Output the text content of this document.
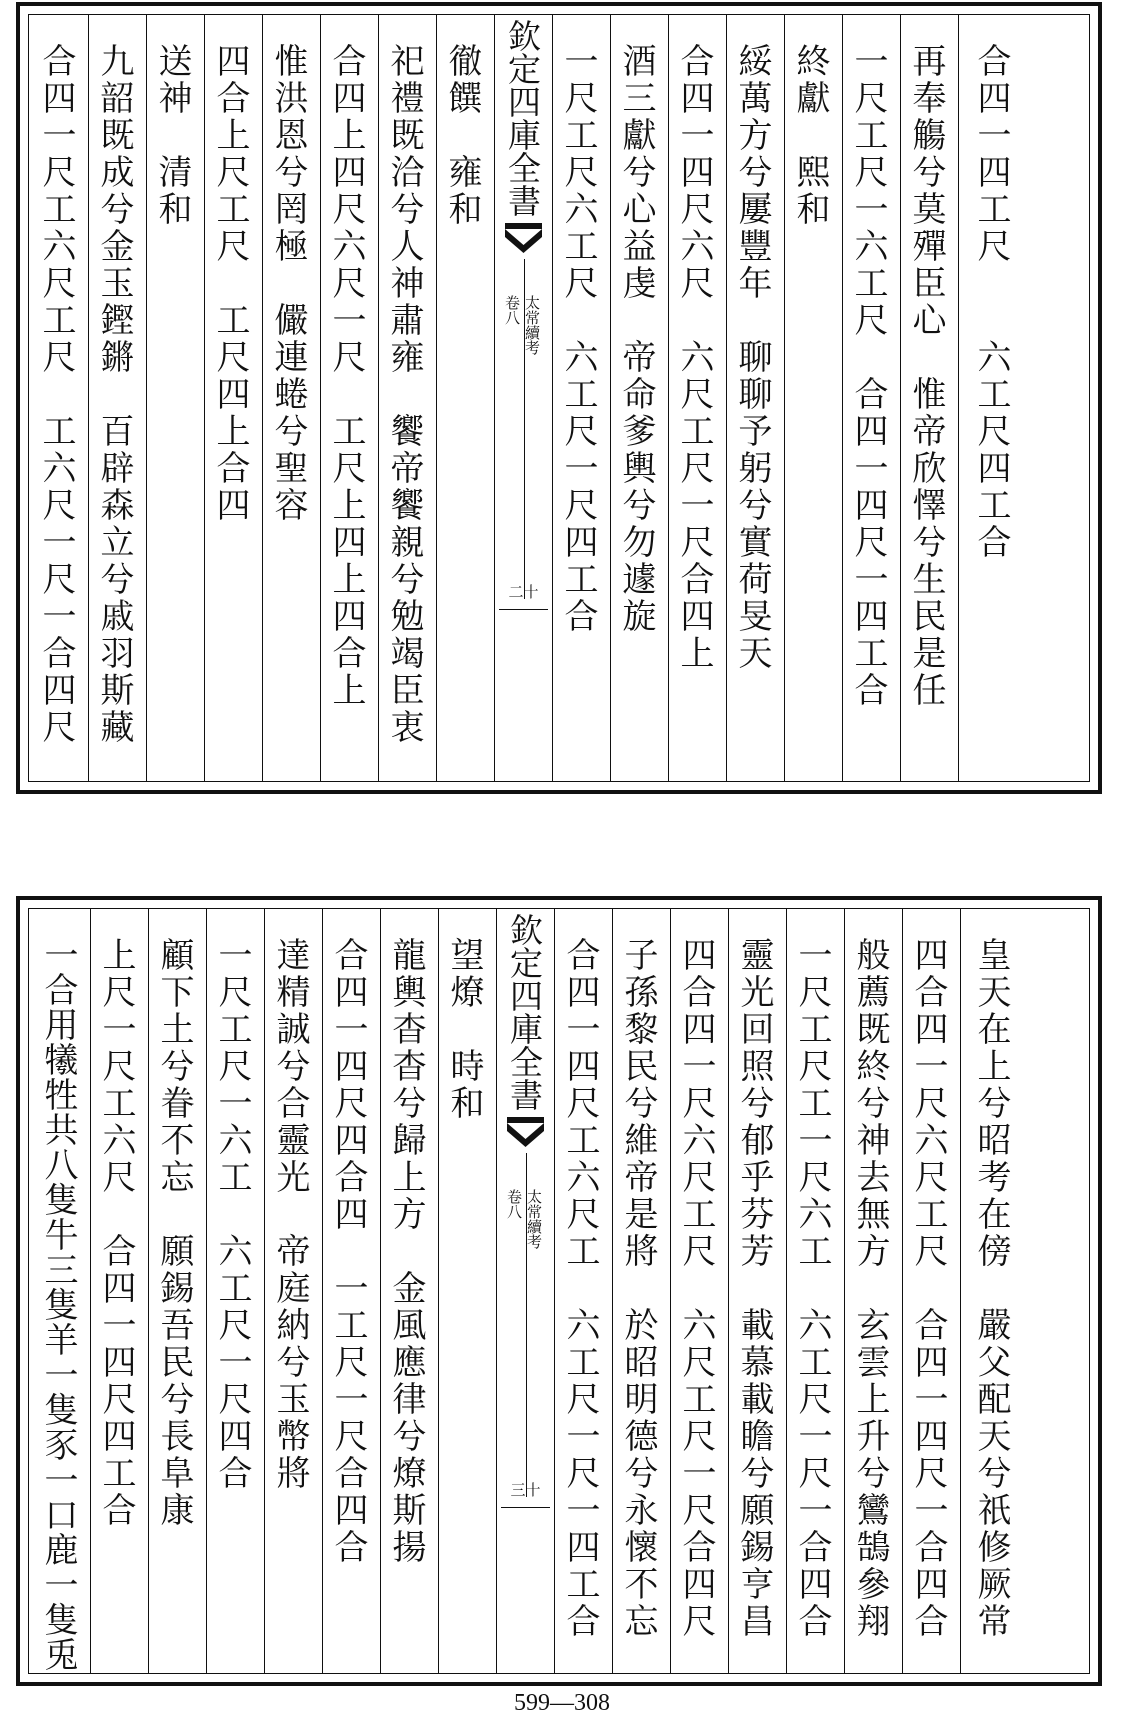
合四一尺工六尺工尺　工六尺一尺一合四尺 九韶既成兮金玉鏗鏘　百辟森立兮戚羽斯藏 送神　清和 四合上尺工尺　工尺四上合四 惟洪恩兮罔極　儼連蜷兮聖容 合四上四尺六尺一尺　工尺上四上四合上 祀禮既洽兮人神肅雍　饗帝饗親兮勉竭臣衷 徹饌　雍和 欽定四庫全書
太常續考
卷八
二十 一尺工尺六工尺　六工尺一尺四工合 酒三獻兮心益虔　帝命爹輿兮勿遽旋 合四一四尺六尺　六尺工尺一尺合四上 綏萬方兮屢豐年　聊聊予躬兮實荷旻天 終獻　熙和 一尺工尺一六工尺　合四一四尺一四工合 再奉觴兮莫殫臣心　惟帝欣懌兮生民是任 合四一四工尺　　六工尺四工合
一合用犧牲共八隻牛三隻羊一隻豕一口鹿一隻兎 上尺一尺工六尺　合四一四尺四工合 顧下土兮眷不忘　願錫吾民兮長阜康 一尺工尺一六工　六工尺一尺四合 達精誠兮合靈光　帝庭納兮玉幣將 合四一四尺四合四　一工尺一尺合四合 龍輿杳杳兮歸上方　金風應律兮燎斯揚 望燎　時和 欽定四庫全書
太常續考
卷八
三十 合四一四尺工六尺工　六工尺一尺一四工合 子孫黎民兮維帝是將　於昭明德兮永懷不忘 四合四一尺六尺工尺　六尺工尺一尺合四尺 靈光回照兮郁乎芬芳　載慕載瞻兮願錫亨昌 一尺工尺工一尺六工　六工尺一尺一合四合 般薦既終兮神去無方　玄雲上升兮鸞鵠參翔 四合四一尺六尺工尺　合四一四尺一合四合 皇天在上兮昭考在傍　嚴父配天兮祇修厥常
599—308
